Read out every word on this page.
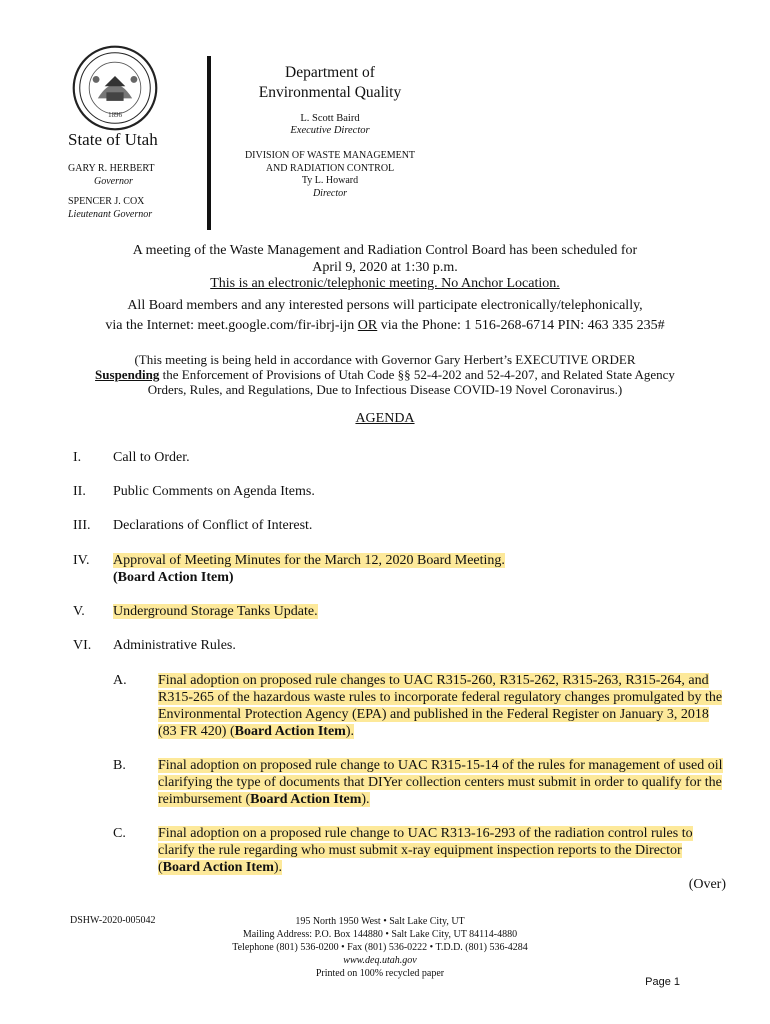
1896
State of Utah
GARY R. HERBERT
Governor
SPENCER J. COX
Lieutenant Governor
Department of
Environmental Quality
L. Scott Baird
Executive Director
DIVISION OF WASTE MANAGEMENT
AND RADIATION CONTROL
Ty L. Howard
Director
A meeting of the Waste Management and Radiation Control Board has been scheduled for
April 9, 2020 at 1:30 p.m.
This is an electronic/telephonic meeting. No Anchor Location.
All Board members and any interested persons will participate electronically/telephonically,
via the Internet: meet.google.com/fir-ibrj-ijn OR via the Phone: 1 516-268-6714 PIN: 463 335 235#
(This meeting is being held in accordance with Governor Gary Herbert’s EXECUTIVE ORDER
Suspending the Enforcement of Provisions of Utah Code §§ 52-4-202 and 52-4-207, and Related State Agency
Orders, Rules, and Regulations, Due to Infectious Disease COVID-19 Novel Coronavirus.)
AGENDA
I. Call to Order.
II. Public Comments on Agenda Items.
III. Declarations of Conflict of Interest.
IV. Approval of Meeting Minutes for the March 12, 2020 Board Meeting.
(Board Action Item)
V. Underground Storage Tanks Update.
VI. Administrative Rules.
A. Final adoption on proposed rule changes to UAC R315-260, R315-262, R315-263, R315-264, and R315-265 of the hazardous waste rules to incorporate federal regulatory changes promulgated by the Environmental Protection Agency (EPA) and published in the Federal Register on January 3, 2018 (83 FR 420) (Board Action Item).
B. Final adoption on proposed rule change to UAC R315-15-14 of the rules for management of used oil clarifying the type of documents that DIYer collection centers must submit in order to qualify for the reimbursement (Board Action Item).
C. Final adoption on a proposed rule change to UAC R313-16-293 of the radiation control rules to clarify the rule regarding who must submit x-ray equipment inspection reports to the Director (Board Action Item).
(Over)
DSHW-2020-005042	195 North 1950 West • Salt Lake City, UT
Mailing Address: P.O. Box 144880 • Salt Lake City, UT 84114-4880
Telephone (801) 536-0200 • Fax (801) 536-0222 • T.D.D. (801) 536-4284
www.deq.utah.gov
Printed on 100% recycled paper
Page 1
